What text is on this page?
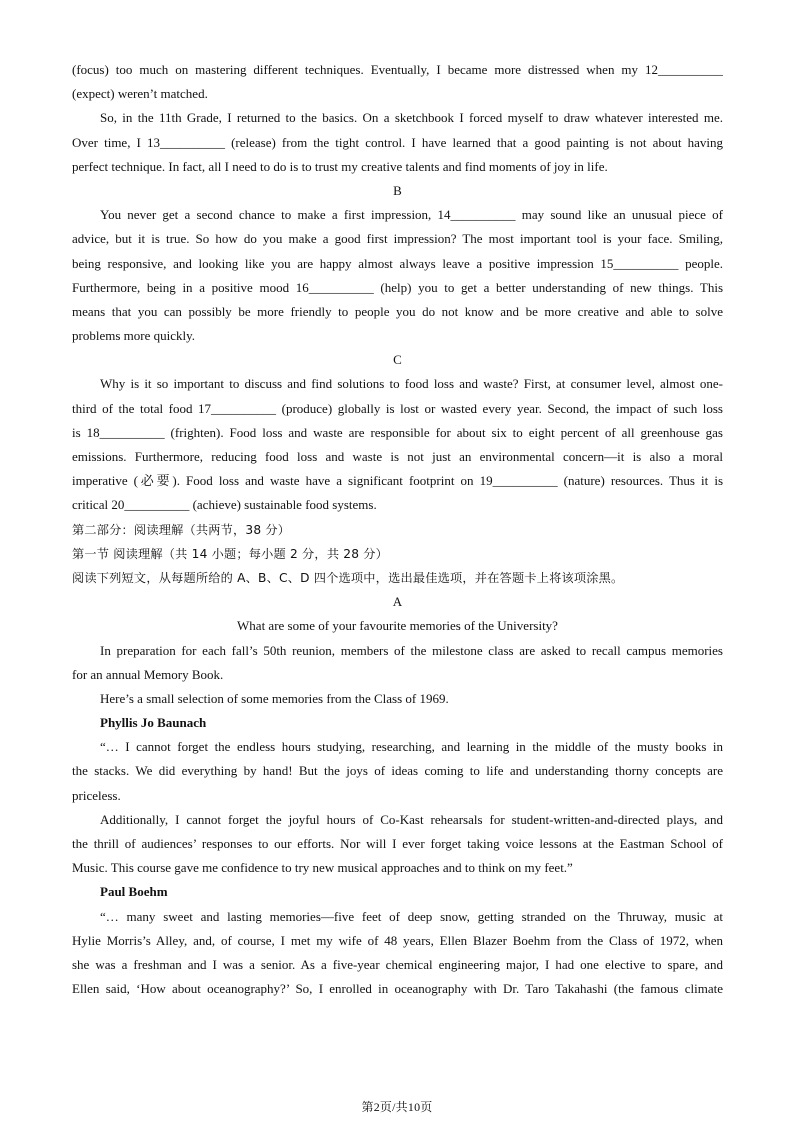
(focus) too much on mastering different techniques. Eventually, I became more distressed when my 12__________
(expect) weren’t matched.
So, in the 11th Grade, I returned to the basics. On a sketchbook I forced myself to draw whatever interested me.
Over time, I 13__________ (release) from the tight control. I have learned that a good painting is not about having
perfect technique. In fact, all I need to do is to trust my creative talents and find moments of joy in life.
B
You never get a second chance to make a first impression, 14__________ may sound like an unusual piece of
advice, but it is true. So how do you make a good first impression? The most important tool is your face. Smiling,
being responsive, and looking like you are happy almost always leave a positive impression 15__________ people.
Furthermore, being in a positive mood 16__________ (help) you to get a better understanding of new things. This
means that you can possibly be more friendly to people you do not know and be more creative and able to solve
problems more quickly.
C
Why is it so important to discuss and find solutions to food loss and waste? First, at consumer level, almost one-
third of the total food 17__________ (produce) globally is lost or wasted every year. Second, the impact of such loss
is 18__________ (frighten). Food loss and waste are responsible for about six to eight percent of all greenhouse gas
emissions. Furthermore, reducing food loss and waste is not just an environmental concern—it is also a moral
imperative (必要). Food loss and waste have a significant footprint on 19__________ (nature) resources. Thus it is
critical 20__________ (achieve) sustainable food systems.
第二部分：阅读理解（共两节，38 分）
第一节 阅读理解（共 14 小题；每小题 2 分，共 28 分）
阅读下列短文，从每题所给的 A、B、C、D 四个选项中，选出最佳选项，并在答题卡上将该项涂黑。
A
What are some of your favourite memories of the University?
In preparation for each fall’s 50th reunion, members of the milestone class are asked to recall campus memories
for an annual Memory Book.
Here’s a small selection of some memories from the Class of 1969.
Phyllis Jo Baunach
“… I cannot forget the endless hours studying, researching, and learning in the middle of the musty books in
the stacks. We did everything by hand! But the joys of ideas coming to life and understanding thorny concepts are
priceless.
Additionally, I cannot forget the joyful hours of Co-Kast rehearsals for student-written-and-directed plays, and
the thrill of audiences’ responses to our efforts. Nor will I ever forget taking voice lessons at the Eastman School of
Music. This course gave me confidence to try new musical approaches and to think on my feet.”
Paul Boehm
“… many sweet and lasting memories—five feet of deep snow, getting stranded on the Thruway, music at
Hylie Morris’s Alley, and, of course, I met my wife of 48 years, Ellen Blazer Boehm from the Class of 1972, when
she was a freshman and I was a senior. As a five-year chemical engineering major, I had one elective to spare, and
Ellen said, ‘How about oceanography?’ So, I enrolled in oceanography with Dr. Taro Takahashi (the famous climate
第2页/共10页
